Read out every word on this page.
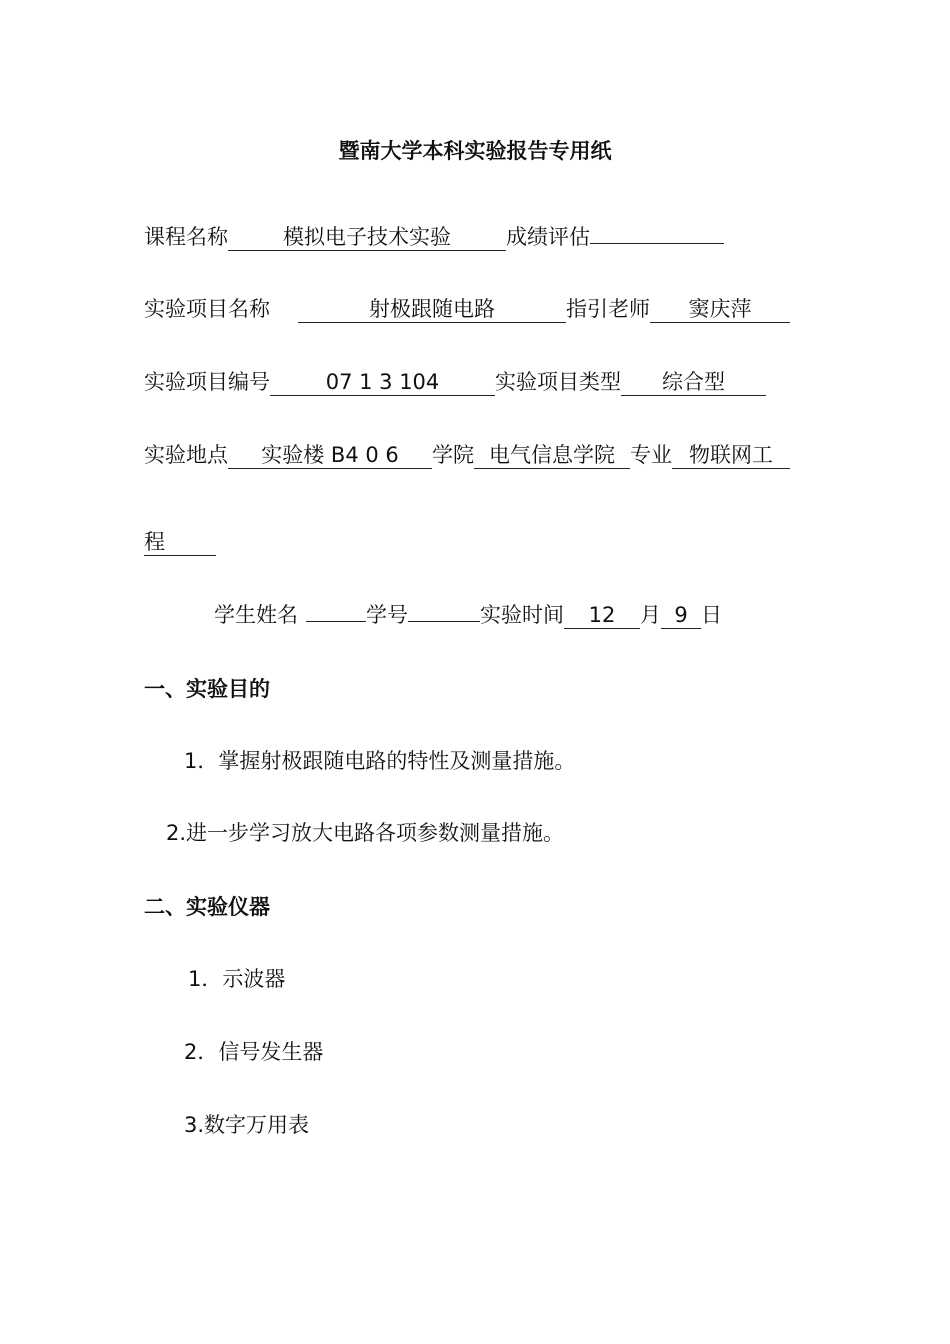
暨南大学本科实验报告专用纸
课程名称	模拟电子技术实验	成绩评估
实验项目名称	射极跟随电路	指引老师 窦庆萍
实验项目编号	07 1 3 104	实验项目类型 综合型
实验地点 实验楼 B4 0 6 学院 电气信息学院 专业 物联网工
程
学生姓名	学号	实验时间 12 月 9 日
一、实验目的
1．掌握射极跟随电路的特性及测量措施。
2.进一步学习放大电路各项参数测量措施。
二、实验仪器
1．示波器
2．信号发生器
3.数字万用表
